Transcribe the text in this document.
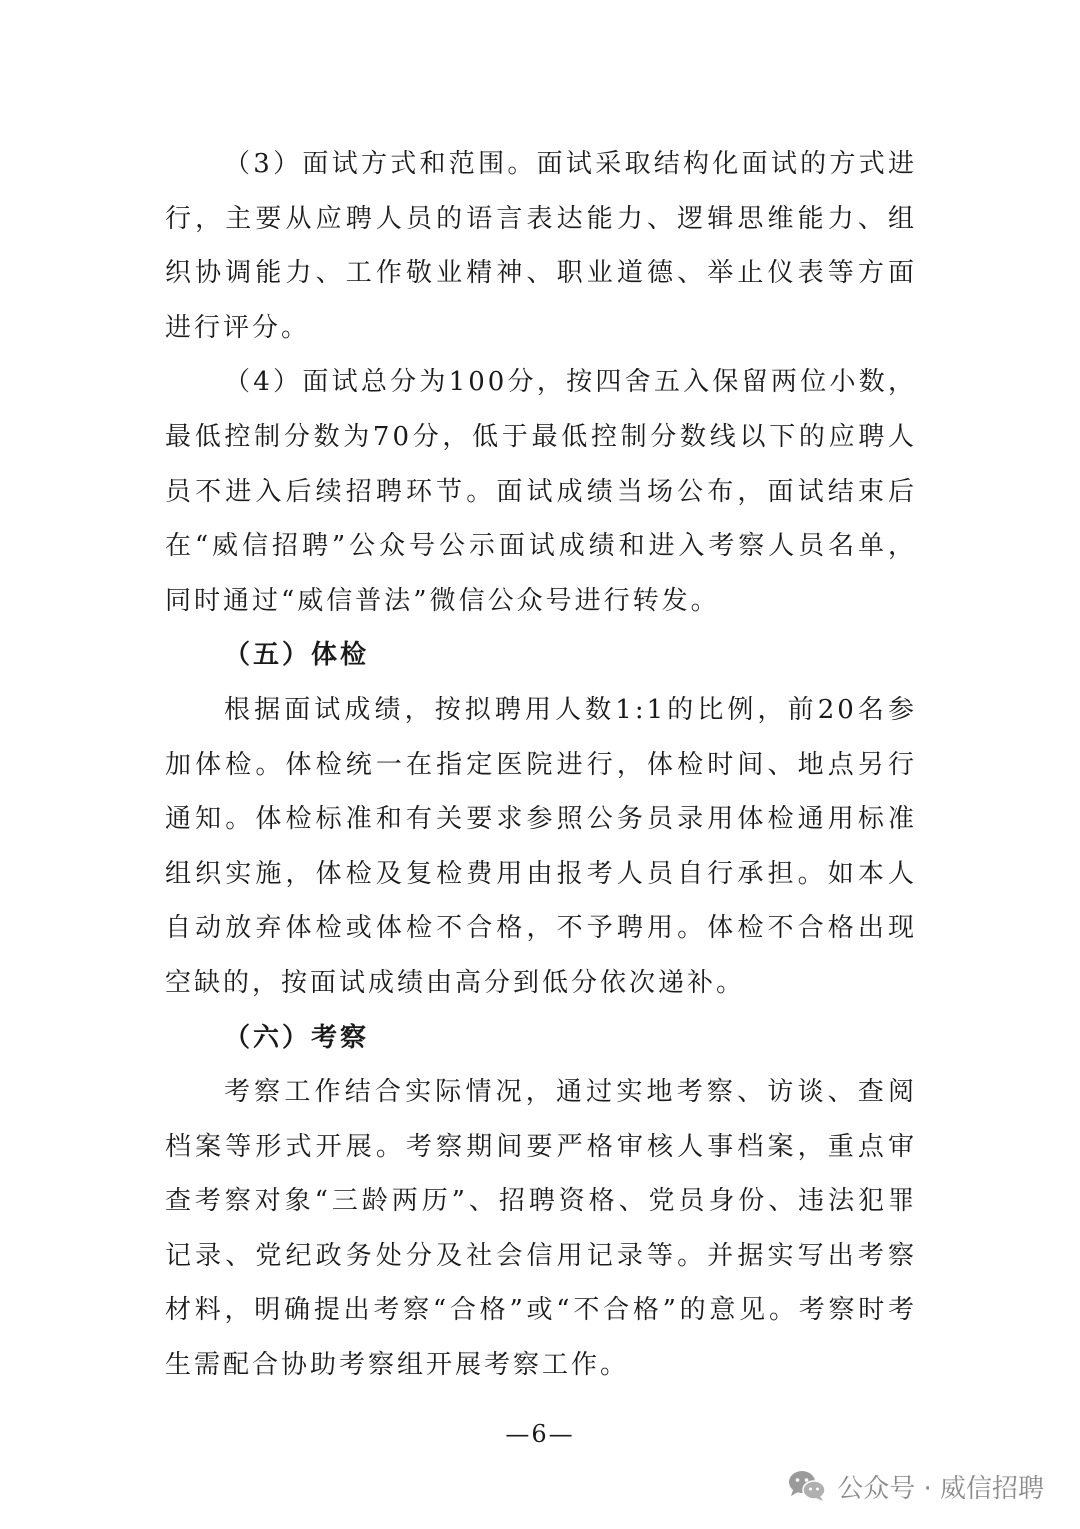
（3）面试方式和范围。面试采取结构化面试的方式进行，主要从应聘人员的语言表达能力、逻辑思维能力、组织协调能力、工作敬业精神、职业道德、举止仪表等方面进行评分。

（4）面试总分为100分，按四舍五入保留两位小数，最低控制分数为70分，低于最低控制分数线以下的应聘人员不进入后续招聘环节。面试成绩当场公布，面试结束后在“威信招聘”公众号公示面试成绩和进入考察人员名单，同时通过“威信普法”微信公众号进行转发。

（五）体检

根据面试成绩，按拟聘用人数1:1的比例，前20名参加体检。体检统一在指定医院进行，体检时间、地点另行通知。体检标准和有关要求参照公务员录用体检通用标准组织实施，体检及复检费用由报考人员自行承担。如本人自动放弃体检或体检不合格，不予聘用。体检不合格出现空缺的，按面试成绩由高分到低分依次递补。

（六）考察

考察工作结合实际情况，通过实地考察、访谈、查阅档案等形式开展。考察期间要严格审核人事档案，重点审查考察对象“三龄两历”、招聘资格、党员身份、违法犯罪记录、党纪政务处分及社会信用记录等。并据实写出考察材料，明确提出考察“合格”或“不合格”的意见。考察时考生需配合协助考察组开展考察工作。

—6—
公众号 · 威信招聘
